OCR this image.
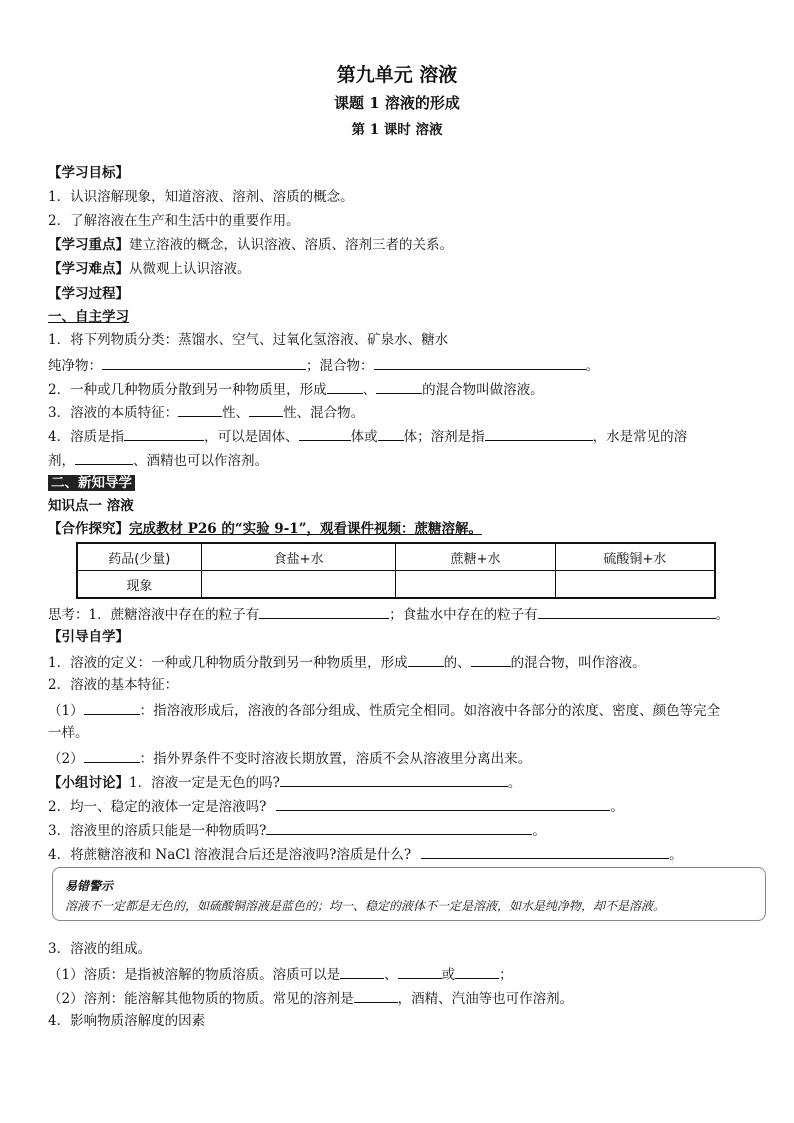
第九单元 溶液
课题 1 溶液的形成
第 1 课时 溶液
【学习目标】
1．认识溶解现象，知道溶液、溶剂、溶质的概念。
2．了解溶液在生产和生活中的重要作用。
【学习重点】建立溶液的概念，认识溶液、溶质、溶剂三者的关系。
【学习难点】从微观上认识溶液。
【学习过程】
一、自主学习
1．将下列物质分类：蒸馏水、空气、过氧化氢溶液、矿泉水、糖水
纯净物：	；混合物：	。
2．一种或几种物质分散到另一种物质里，形成	、	的混合物叫做溶液。
3．溶液的本质特征：	性、	性、混合物。
4．溶质是指	，可以是固体、	体或 体；溶剂是指	，水是常见的溶
剂，	、酒精也可以作溶剂。
二、新知导学
知识点一 溶液
【合作探究】完成教材 P26 的“实验 9-1”，观看课件视频：蔗糖溶解。
药品(少量)	食盐+水	蔗糖+水	硫酸铜+水
现象			
思考：1．蔗糖溶液中存在的粒子有	；食盐水中存在的粒子有	。
【引导自学】
1．溶液的定义：一种或几种物质分散到另一种物质里，形成	的、	的混合物，叫作溶液。
2．溶液的基本特征：
（1）	：指溶液形成后，溶液的各部分组成、性质完全相同。如溶液中各部分的浓度、密度、颜色等完全
一样。
（2）	：指外界条件不变时溶液长期放置，溶质不会从溶液里分离出来。
【小组讨论】1．溶液一定是无色的吗?	。
2．均一、稳定的液体一定是溶液吗?	。
3．溶液里的溶质只能是一种物质吗?	。
4．将蔗糖溶液和 NaCl 溶液混合后还是溶液吗?溶质是什么?	。
易错警示
溶液不一定都是无色的，如硫酸铜溶液是蓝色的；均一、稳定的液体不一定是溶液，如水是纯净物，却不是溶液。
3．溶液的组成。
（1）溶质：是指被溶解的物质溶质。溶质可以是	、	或	；
（2）溶剂：能溶解其他物质的物质。常见的溶剂是	，酒精、汽油等也可作溶剂。
4．影响物质溶解度的因素
